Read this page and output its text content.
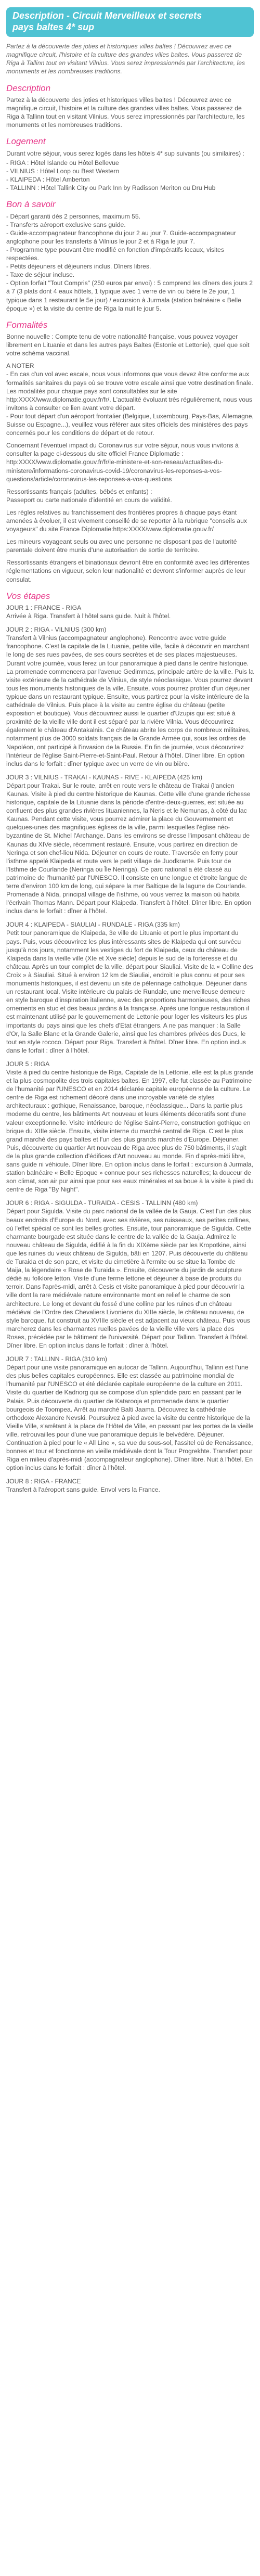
Description - Circuit Merveilleux et secrets
pays baltes 4* sup

Partez à la découverte des joties et historiques villes baltes ! Découvrez avec ce magnifique circuit, l'histoire et la culture des grandes villes baltes. Vous passerez de Riga à Tallinn tout en visitant Vilnius. Vous serez impressionnés par l'architecture, les monuments et les nombreuses traditions.

Description

Partez à la découverte des joties et historiques villes baltes ! Découvrez avec ce magnifique circuit, l'histoire et la culture des grandes villes baltes. Vous passerez de Riga à Tallinn tout en visitant Vilnius. Vous serez impressionnés par l'architecture, les monuments et les nombreuses traditions.

Logement

Durant votre séjour, vous serez logés dans les hôtels 4* sup suivants (ou similaires) :

- RIGA : Hôtel Islande ou Hôtel Bellevue
- VILNIUS : Hôtel Loop ou Best Western
- KLAIPEDA : Hôtel Amberton
- TALLINN : Hôtel Tallink City ou Park Inn by Radisson Meriton ou Dru Hub
Bon à savoir
- Départ garanti dès 2 personnes, maximum 55.
- Transferts aéroport exclusive sans guide.
- Guide-accompagnateur francophone du jour 2 au jour 7. Guide-accompagnateur anglophone pour les transferts à Vilnius le jour 2 et à Riga le jour 7.
- Programme type pouvant être modifié en fonction d'impératifs locaux, visites respectées.
- Petits déjeuners et déjeuners inclus. Dîners libres.
- Taxe de séjour incluse.
- Option forfait "Tout Compris" (250 euros par envoi) : 5 comprend les dîners des jours 2 à 7 (3 plats dont 4 eaux hôtels, 1 typique avec 1 verre de vin ou bière le 2e jour, 1 typique dans 1 restaurant le 5e jour) / excursion à Jurmala (station balnéaire « Belle époque ») et la visite du centre de Riga la nuit le jour 5.
Formalités

Bonne nouvelle : Compte tenu de votre nationalité française, vous pouvez voyager librement en Lituanie et dans les autres pays Baltes (Estonie et Lettonie), quel que soit votre schéma vaccinal.

A NOTER
- En cas d'un vol avec escale, nous vous informons que vous devez être conforme aux formalités sanitaires du pays où se trouve votre escale ainsi que votre destination finale.
Les modalités pour chaque pays sont consultables sur le site http:XXXX/www.diplomatie.gouv.fr/fr/. L'actualité évoluant très régulièrement, nous vous invitons à consulter ce lien avant votre départ.
- Pour tout départ d'un aéroport frontalier (Belgique, Luxembourg, Pays-Bas, Allemagne, Suisse ou Espagne...), veuillez vous référer aux sites officiels des ministères des pays concernés pour les conditions de départ et de retour.

Concernant l'éventuel impact du Coronavirus sur votre séjour, nous vous invitons à consulter la page ci-dessous du site officiel France Diplomatie : http:XXXX/www.diplomatie.gouv.fr/fr/le-ministere-et-son-reseau/actualites-du-ministere/informations-coronavirus-covid-19/coronavirus-les-reponses-a-vos-questions/article/coronavirus-les-reponses-a-vos-questions

Ressortissants français (adultes, bébés et enfants) :
Passeport ou carte nationale d'identité en cours de validité.

Les règles relatives au franchissement des frontières propres à chaque pays étant amenées à évoluer, il est vivement conseillé de se reporter à la rubrique "conseils aux voyageurs" du site France Diplomatie:https:XXXX/www.diplomatie.gouv.fr/

Les mineurs voyageant seuls ou avec une personne ne disposant pas de l'autorité parentale doivent être munis d'une autorisation de sortie de territoire.

Ressortissants étrangers et binationaux devront être en conformité avec les différentes réglementations en vigueur, selon leur nationalité et devront s'informer auprès de leur consulat.

Vos étapes
JOUR 1 : FRANCE - RIGA
Arrivée à Riga. Transfert à l'hôtel sans guide. Nuit à l'hôtel.
JOUR 2 : RIGA - VILNIUS (300 km)
Transfert à Vilnius (accompagnateur anglophone). Rencontre avec votre guide francophone. C'est la capitale de la Lituanie, petite ville, facile à découvrir en marchant le long de ses rues pavées, de ses cours secrètes et de ses places majestueuses. Durant votre journée, vous ferez un tour panoramique à pied dans le centre historique. La promenade commencera par l'avenue Gedimmas, principale artère de la ville. Puis la visite extérieure de la cathédrale de Vilnius, de style néoclassique. Vous pourrez devant tous les monuments historiques de la ville. Ensuite, vous pourrez profiter d'un déjeuner typique dans un restaurant typique. Ensuite, vous partirez pour la visite intérieure de la cathédrale de Vilnius. Puis place à la visite au centre église du château (petite exposition et boutique). Vous découvrirez aussi le quartier d'Uzupis qui est situé à proximité de la vieille ville dont il est séparé par la rivière Vilnia. Vous découvrirez également le château d'Antakalnis. Ce château abrite les corps de nombreux militaires, notamment plus de 3000 soldats français de la Grande Armée qui, sous les ordres de Napoléon, ont participé à l'invasion de la Russie. En fin de journée, vous découvrirez l'intérieur de l'église Saint-Pierre-et-Saint-Paul. Retour à l'hôtel. Dîner libre. En option inclus dans le forfait : dîner typique avec un verre de vin ou bière.
JOUR 3 : VILNIUS - TRAKAI - KAUNAS - RIVE - KLAIPEDA (425 km)
Départ pour Trakai. Sur le route, arrêt en route vers le château de Trakai (l'ancien Kaunas. Visite à pied du centre historique de Kaunas. Cette ville d'une grande richesse historique, capitale de la Lituanie dans la période d'entre-deux-guerres, est située au confluent des plus grandes rivières lituaniennes, la Neris et le Nemunas, à côté du lac Kaunas. Pendant cette visite, vous pourrez admirer la place du Gouvernement et quelques-unes des magnifiques églises de la ville, parmi lesquelles l'église néo-byzantine de St. Michel l'Archange. Dans les environs se dresse l'imposant château de Kaunas du XIVe siècle, récemment restauré. Ensuite, vous partirez en direction de Neringa et son chef-lieu Nida. Déjeuner en cours de route. Traversée en ferry pour l'isthme appelé Klaipeda et route vers le petit village de Juodkrante. Puis tour de l'Isthme de Courlande (Neringa ou Île Neringa). Ce parc national a été classé au patrimoine de l'humanité par l'UNESCO. Il consiste en une longue et étroite langue de terre d'environ 100 km de long, qui sépare la mer Baltique de la lagune de Courlande. Promenade à Nida, principal village de l'isthme, où vous verrez la maison où habita l'écrivain Thomas Mann. Départ pour Klaipeda. Transfert à l'hôtel. Dîner libre. En option inclus dans le forfait : dîner à l'hôtel.
JOUR 4 : KLAIPEDA - SIAULIAI - RUNDALE - RIGA (335 km)
Petit tour panoramique de Klaipeda, 3e ville de Lituanie et port le plus important du pays. Puis, vous découvrirez les plus intéressants sites de Klaipeda qui ont survécu jusqu'à nos jours, notamment les vestiges du fort de Klaipeda, ceux du château de Klaipeda dans la vieille ville (XIe et Xve siècle) depuis le sud de la forteresse et du château. Après un tour complet de la ville, départ pour Siauliai. Visite de la « Colline des Croix » à Siauliai. Situé à environ 12 km de Siauliai, endroit le plus connu et pour ses monuments historiques, il est devenu un site de pèlerinage catholique. Déjeuner dans un restaurant local. Visite intérieure du palais de Rundale, une merveilleuse demeure en style baroque d'inspiration italienne, avec des proportions harmonieuses, des riches ornements en stuc et des beaux jardins à la française. Après une longue restauration il est maintenant utilisé par le gouvernement de Lettonie pour loger les visiteurs les plus importants du pays ainsi que les chefs d'Etat étrangers. A ne pas manquer : la Salle d'Or, la Salle Blanc et la Grande Galerie, ainsi que les chambres privées des Ducs, le tout en style rococo. Départ pour Riga. Transfert à l'hôtel. Dîner libre. En option inclus dans le forfait : dîner à l'hôtel.
JOUR 5 : RIGA
Visite à pied du centre historique de Riga. Capitale de la Lettonie, elle est la plus grande et la plus cosmopolite des trois capitales baltes. En 1997, elle fut classée au Patrimoine de l'humanité par l'UNESCO et en 2014 déclarée capitale européenne de la culture. Le centre de Riga est richement décoré dans une incroyable variété de styles architecturaux : gothique, Renaissance, baroque, néoclassique... Dans la partie plus moderne du centre, les bâtiments Art nouveau et leurs éléments décoratifs sont d'une valeur exceptionnelle. Visite intérieure de l'église Saint-Pierre, construction gothique en brique du XIIIe siècle. Ensuite, visite interne du marché central de Riga. C'est le plus grand marché des pays baltes et l'un des plus grands marchés d'Europe. Déjeuner. Puis, découverte du quartier Art nouveau de Riga avec plus de 750 bâtiments, il s'agit de la plus grande collection d'édifices d'Art nouveau au monde. Fin d'après-midi libre, sans guide ni véhicule. Dîner libre. En option inclus dans le forfait : excursion à Jurmala, station balnéaire « Belle Epoque » connue pour ses richesses naturelles; la douceur de son climat, son air pur ainsi que pour ses eaux minérales et sa boue à la visite à pied du centre de Riga "By Night".
JOUR 6 : RIGA - SIGULDA - TURAIDA - CESIS - TALLINN (480 km)
Départ pour Sigulda. Visite du parc national de la vallée de la Gauja. C'est l'un des plus beaux endroits d'Europe du Nord, avec ses rivières, ses ruisseaux, ses petites collines, où l'effet spécial ce sont les belles grottes. Ensuite, tour panoramique de Sigulda. Cette charmante bourgade est située dans le centre de la vallée de la Gauja. Admirez le nouveau château de Sigulda, édifié à la fin du XIXème siècle par les Kropotkine, ainsi que les ruines du vieux château de Sigulda, bâti en 1207. Puis découverte du château de Turaida et de son parc, et visite du cimetière à l'ermite ou se situe la Tombe de Maija, la légendaire « Rose de Turaida ». Ensuite, découverte du jardin de sculpture dédié au folklore letton. Visite d'une ferme lettone et déjeuner à base de produits du terroir. Dans l'après-midi, arrêt à Cesis et visite panoramique à pied pour découvrir la ville dont la rare médiévale nature environnante mont en relief le charme de son architecture. Le long et devant du fossé d'une colline par les ruines d'un château médiéval de l'Ordre des Chevaliers Livoniens du XIIIe siècle, le château nouveau, de style baroque, fut construit au XVIIIe siècle et est adjacent au vieux château. Puis vous marcherez dans les charmantes ruelles pavées de la vieille ville vers la place des Roses, précédée par le bâtiment de l'université. Départ pour Tallinn. Transfert à l'hôtel. Dîner libre. En option inclus dans le forfait : dîner à l'hôtel.
JOUR 7 : TALLINN - RIGA (310 km)
Départ pour une visite panoramique en autocar de Tallinn. Aujourd'hui, Tallinn est l'une des plus belles capitales européennes. Elle est classée au patrimoine mondial de l'humanité par l'UNESCO et été déclarée capitale européenne de la culture en 2011. Visite du quartier de Kadriorg qui se compose d'un splendide parc en passant par le Palais. Puis découverte du quartier de Katarooja et promenade dans le quartier bourgeois de Toompea. Arrêt au marché Balti Jaama. Découvrez la cathédrale orthodoxe Alexandre Nevski. Poursuivez à pied avec la visite du centre historique de la Vieille Ville, s'arrêtant à la place de l'Hôtel de Ville, en passant par les portes de la vieille ville, retrouvailles pour d'une vue panoramique depuis le belvédère. Déjeuner. Continuation à pied pour le « All Line », sa vue du sous-sol, l'assitel où de Renaissance, bonnes et tour et fonctionne en vieille médiévale dont la Tour Progrekhte. Transfert pour Riga en milieu d'après-midi (accompagnateur anglophone). Dîner libre. Nuit à l'hôtel. En option inclus dans le forfait : dîner à l'hôtel.
JOUR 8 : RIGA - FRANCE
Transfert à l'aéroport sans guide. Envol vers la France.
